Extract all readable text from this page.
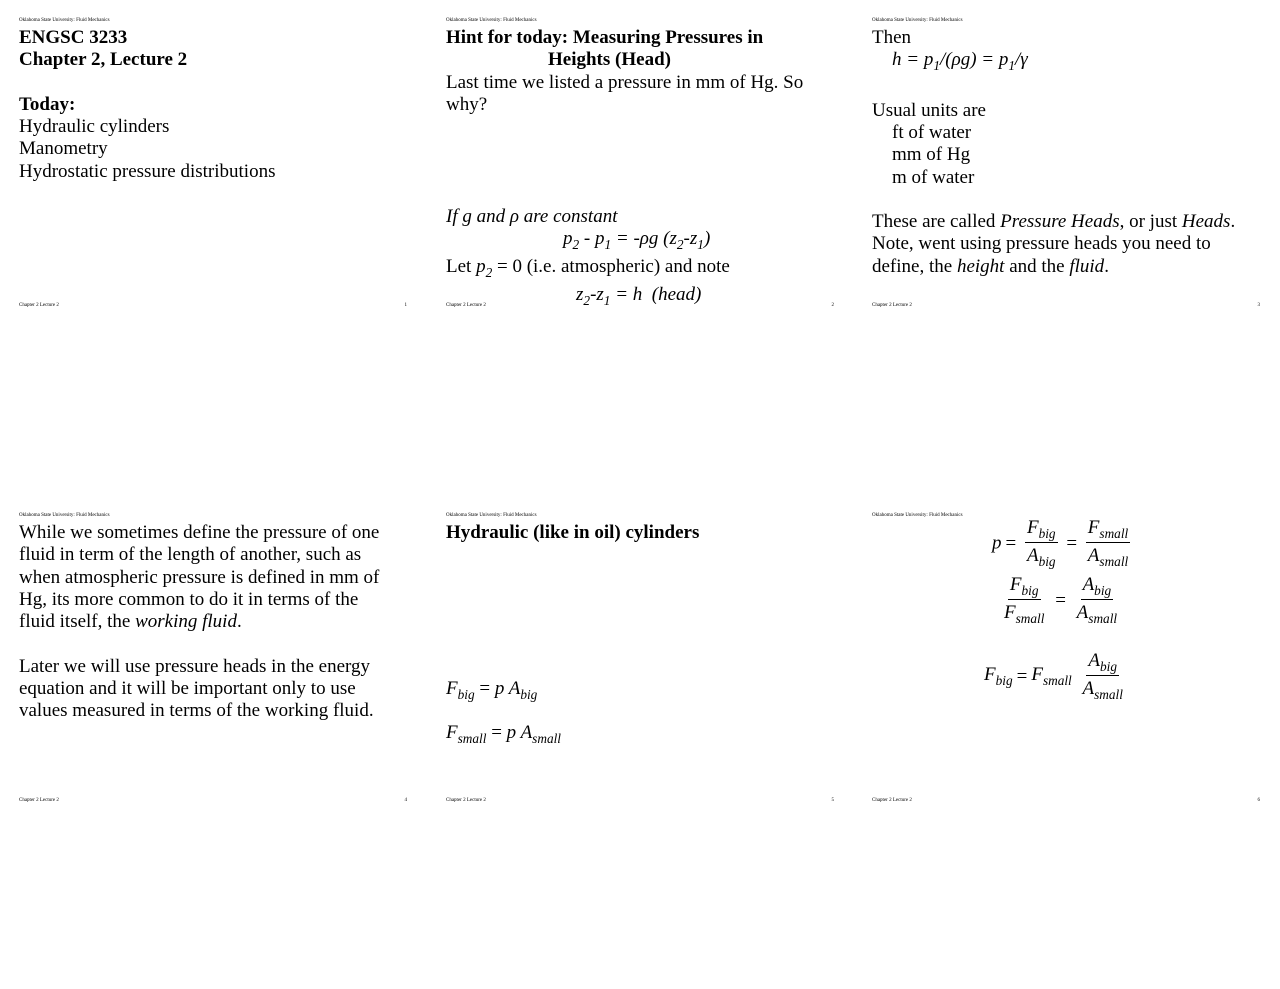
Oklahoma State University: Fluid Mechanics

ENGSC 3233

Chapter 2, Lecture 2

Today:

Hydraulic cylinders

Manometry

Hydrostatic pressure distributions

Chapter 2 Lecture 2	1
Oklahoma State University: Fluid Mechanics

Hint for today: Measuring Pressures in

Heights (Head)

Last time we listed a pressure in mm of Hg. So

why?

If g and ρ are constant

$p_2 - p_1 = -\rho g$ $(z_2-z_1)$

Let $p_2 = 0$ (i.e. atmospheric) and note

$z_2-z_1 = h$  (head)

Chapter 2 Lecture 2	2
Oklahoma State University: Fluid Mechanics

Then

$h = p_1/(\rho g) = p_1/\gamma$

Usual units are

ft of water

mm of Hg

m of water

These are called Pressure Heads, or just Heads.

Note, went using pressure heads you need to

define, the height and the fluid.

Chapter 2 Lecture 2	3
Oklahoma State University: Fluid Mechanics

While we sometimes define the pressure of one

fluid in term of the length of another, such as

when atmospheric pressure is defined in mm of

Hg, its more common to do it in terms of the

fluid itself, the working fluid.

Later we will use pressure heads in the energy

equation and it will be important only to use

values measured in terms of the working fluid.

Chapter 2 Lecture 2	4
Oklahoma State University: Fluid Mechanics

Hydraulic (like in oil) cylinders

$F_{big} = p$ $A_{big}$
$F_{small} = p$ $A_{small}$
Chapter 2 Lecture 2	5
Oklahoma State University: Fluid Mechanics
$p = \frac{F_{big}}{A_{big}} = \frac{F_{small}}{A_{small}}$
$\frac{F_{big}}{F_{small}} = \frac{A_{big}}{A_{small}}$
$F_{big} = F_{small} \frac{A_{big}}{A_{small}}$
Chapter 2 Lecture 2	6
